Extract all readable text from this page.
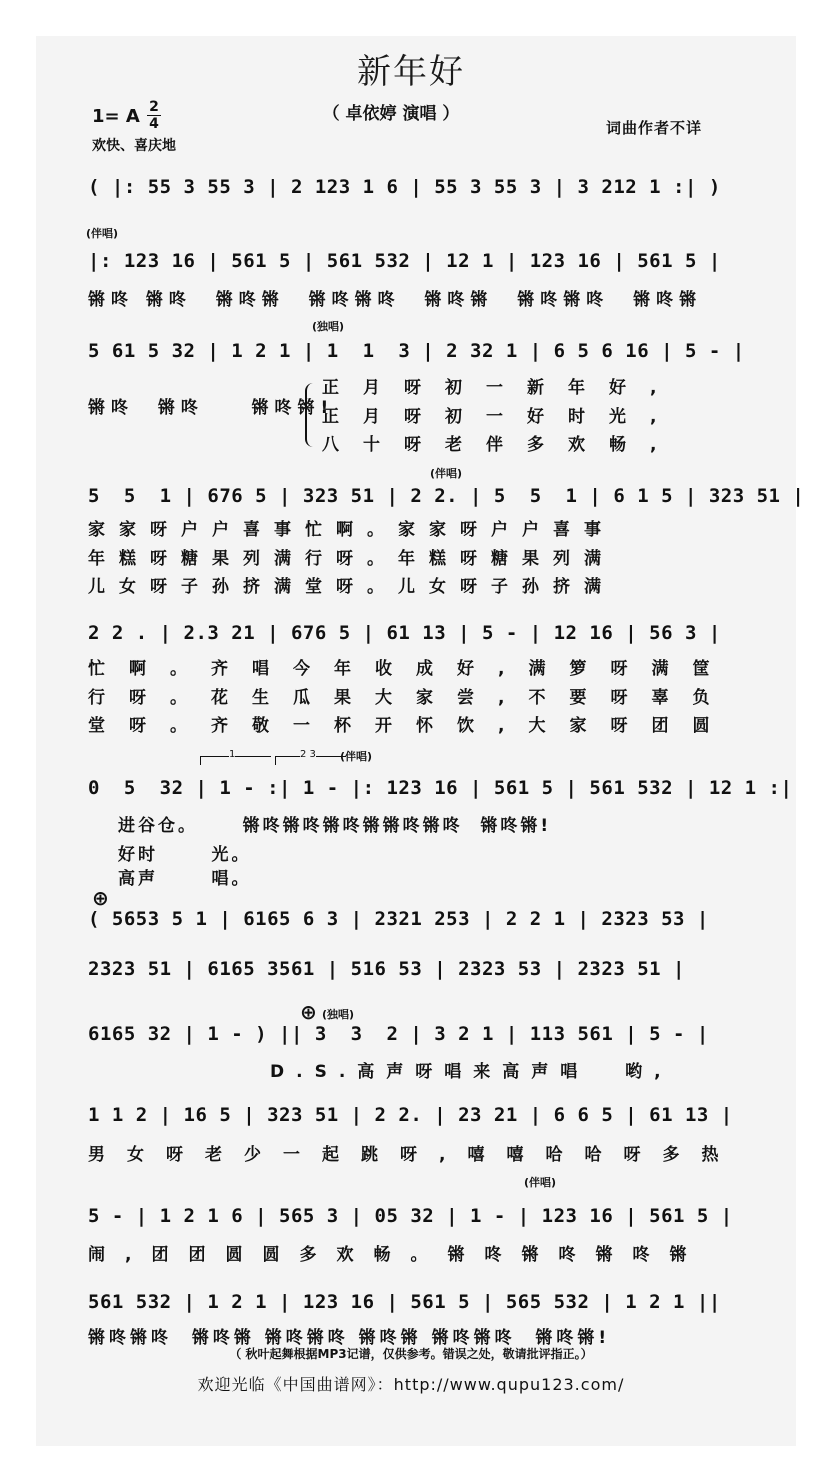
新年好
（ 卓依婷 演唱 ）
1= A 2
4
欢快、喜庆地
词曲作者不详
( |: 55 3 55 3 | 2 123 1 6 | 55 3 55 3 | 3 212 1 :| )
(伴唱)
|: 123 16 | 561 5 | 561 532 | 12 1 | 123 16 | 561 5 |
锵咚 锵咚  锵咚锵  锵咚锵咚  锵咚锵  锵咚锵咚  锵咚锵
(独唱)
5 61 5 32 | 1 2 1 | 1  1  3 | 2 32 1 | 6 5 6 16 | 5 - |
锵咚  锵咚    锵咚锵!
正月呀初一新年好,
正月呀初一好时光,
八十呀老伴多欢畅,
(伴唱)
5  5  1 | 676 5 | 323 51 | 2 2. | 5  5  1 | 6 1 5 | 323 51 |
家家呀户户喜事忙啊。家家呀户户喜事
年糕呀糖果列满行呀。年糕呀糖果列满
儿女呀子孙挤满堂呀。儿女呀子孙挤满
2 2 . | 2.3 21 | 676 5 | 61 13 | 5 - | 12 16 | 56 3 |
忙啊。齐唱今年收成好,满箩呀满筐
行呀。花生瓜果大家尝,不要呀辜负
堂呀。齐敬一杯开怀饮,大家呀团圆
1	2 3 (伴唱)
0  5  32 | 1 - :| 1 - |: 123 16 | 561 5 | 561 532 | 12 1 :|
进谷仓。     锵咚锵咚锵咚锵锵咚锵咚  锵咚锵!
好时      光。
高声      唱。
⊕
( 5653 5 1 | 6165 6 3 | 2321 253 | 2 2 1 | 2323 53 |
2323 51 | 6165 3561 | 516 53 | 2323 53 | 2323 51 |
⊕ (独唱)
6165 32 | 1 - ) || 3  3  2 | 3 2 1 | 113 561 | 5 - |
D.S.高声呀唱来高声唱  哟,
1 1 2 | 16 5 | 323 51 | 2 2. | 23 21 | 6 6 5 | 61 13 |
男女呀老少一起跳呀,嘻嘻哈哈呀多热
(伴唱)
5 - | 1 2 1 6 | 565 3 | 05 32 | 1 - | 123 16 | 561 5 |
闹,团团圆圆多欢畅。锵咚锵咚锵咚锵
561 532 | 1 2 1 | 123 16 | 561 5 | 565 532 | 1 2 1 ||
锵咚锵咚  锵咚锵 锵咚锵咚 锵咚锵 锵咚锵咚  锵咚锵!
（ 秋叶起舞根据MP3记谱，仅供参考。错误之处，敬请批评指正。）
欢迎光临《中国曲谱网》：http://www.qupu123.com/
